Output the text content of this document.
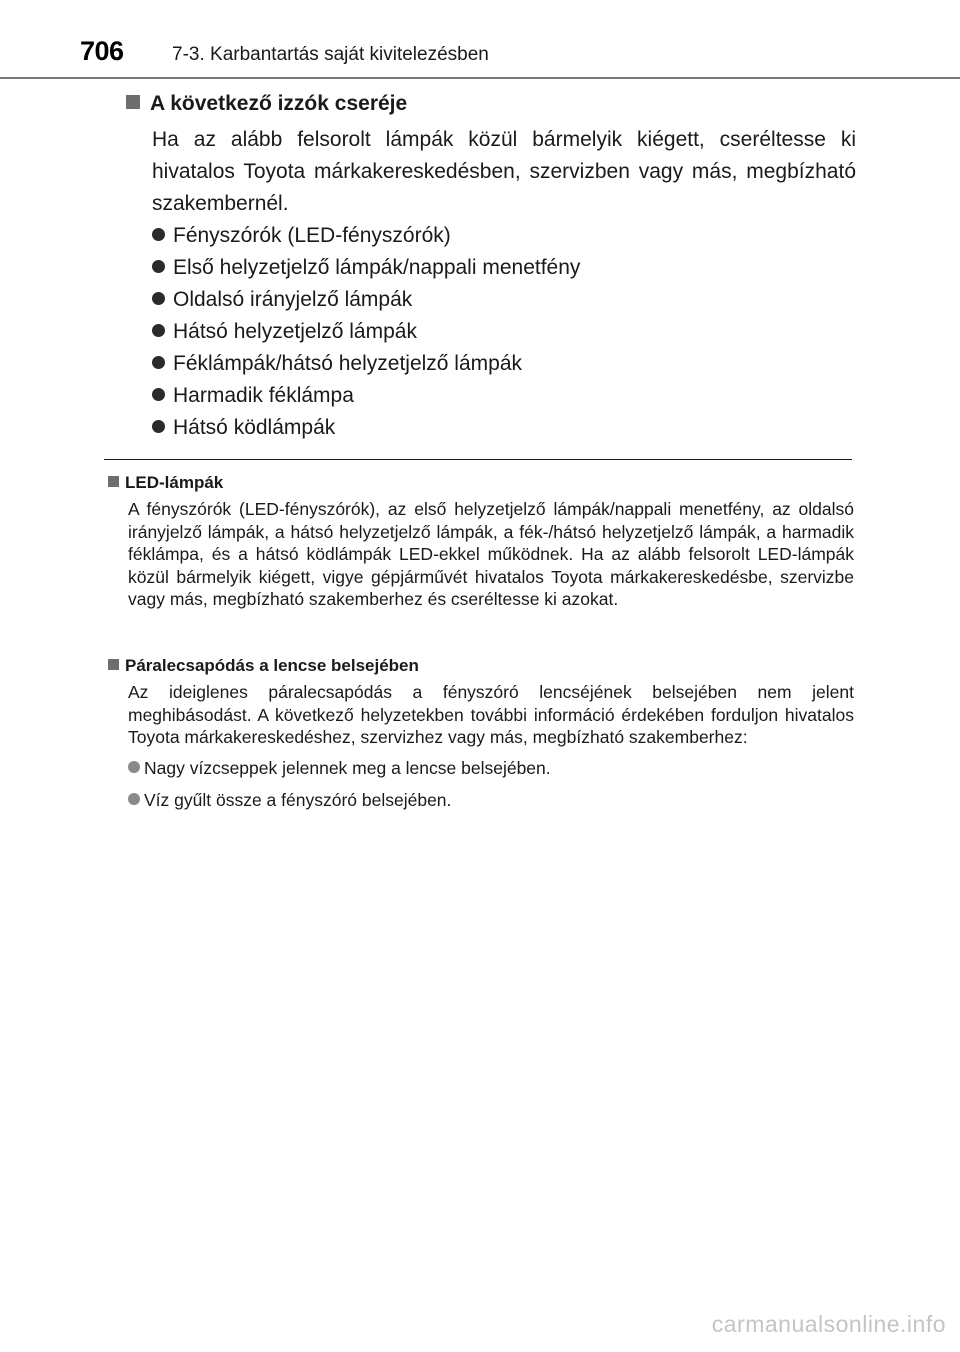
706	7-3. Karbantartás saját kivitelezésben
A következő izzók cseréje
Ha az alább felsorolt lámpák közül bármelyik kiégett, cseréltesse ki hivatalos Toyota márkakereskedésben, szervizben vagy más, megbízható szakembernél.
Fényszórók (LED-fényszórók)
Első helyzetjelző lámpák/nappali menetfény
Oldalsó irányjelző lámpák
Hátsó helyzetjelző lámpák
Féklámpák/hátsó helyzetjelző lámpák
Harmadik féklámpa
Hátsó ködlámpák
LED-lámpák
A fényszórók (LED-fényszórók), az első helyzetjelző lámpák/nappali menetfény, az oldalsó irányjelző lámpák, a hátsó helyzetjelző lámpák, a fék-/hátsó helyzetjelző lámpák, a harmadik féklámpa, és a hátsó ködlámpák LED-ekkel működnek. Ha az alább felsorolt LED-lámpák közül bármelyik kiégett, vigye gépjárművét hivatalos Toyota márkakereskedésbe, szervizbe vagy más, megbízható szakemberhez és cseréltesse ki azokat.
Páralecsapódás a lencse belsejében
Az ideiglenes páralecsapódás a fényszóró lencséjének belsejében nem jelent meghibásodást. A következő helyzetekben további információ érdekében forduljon hivatalos Toyota márkakereskedéshez, szervizhez vagy más, megbízható szakemberhez:
Nagy vízcseppek jelennek meg a lencse belsejében.
Víz gyűlt össze a fényszóró belsejében.
carmanualsonline.info
